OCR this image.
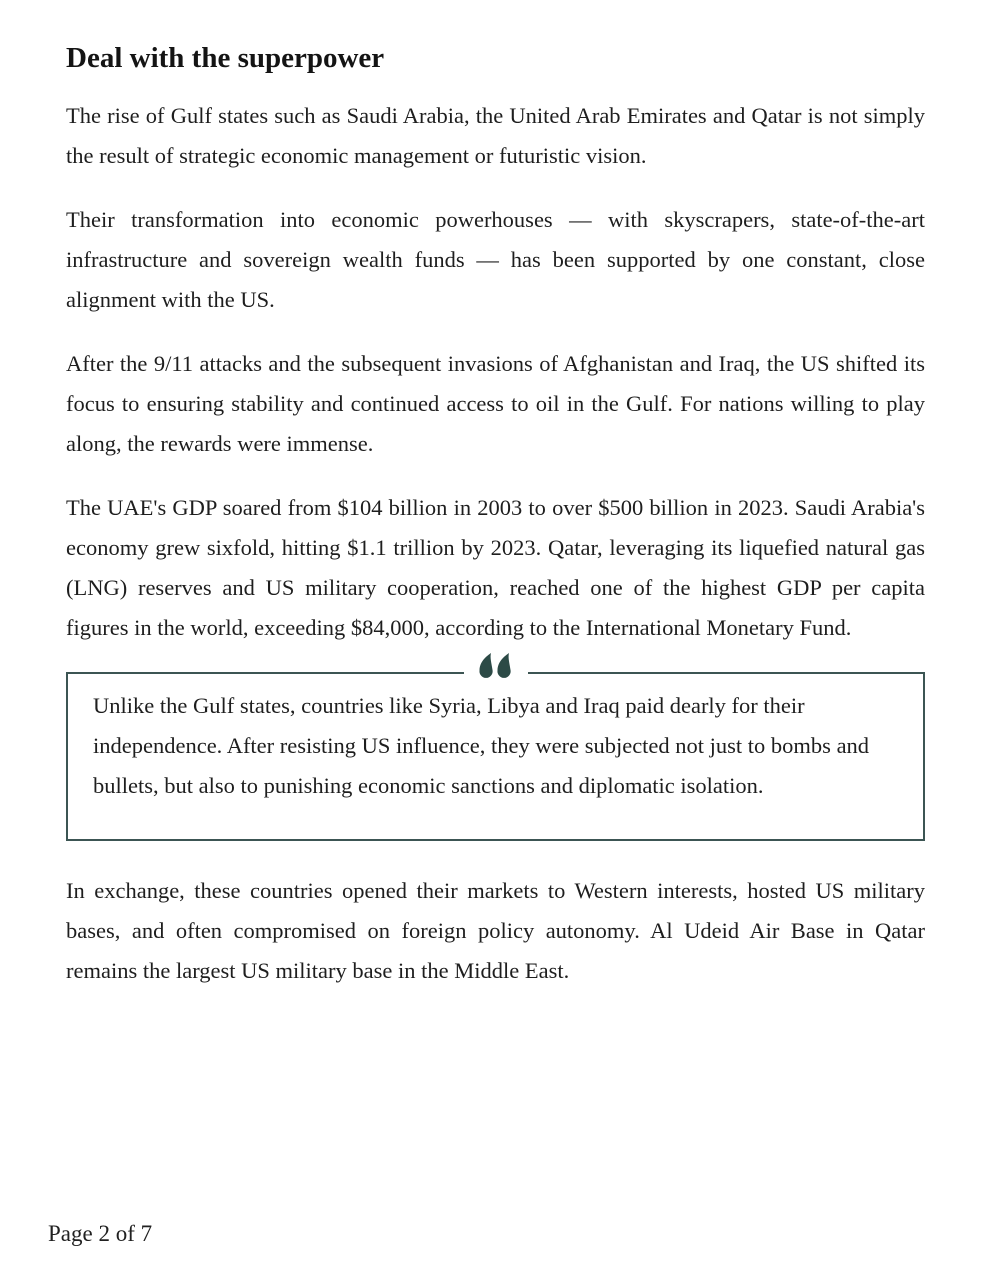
Deal with the superpower

The rise of Gulf states such as Saudi Arabia, the United Arab Emirates and Qatar is not simply the result of strategic economic management or futuristic vision.

Their transformation into economic powerhouses — with skyscrapers, state-of-the-art infrastructure and sovereign wealth funds — has been supported by one constant, close alignment with the US.

After the 9/11 attacks and the subsequent invasions of Afghanistan and Iraq, the US shifted its focus to ensuring stability and continued access to oil in the Gulf. For nations willing to play along, the rewards were immense.

The UAE's GDP soared from $104 billion in 2003 to over $500 billion in 2023. Saudi Arabia's economy grew sixfold, hitting $1.1 trillion by 2023. Qatar, leveraging its liquefied natural gas (LNG) reserves and US military cooperation, reached one of the highest GDP per capita figures in the world, exceeding $84,000, according to the International Monetary Fund.

Unlike the Gulf states, countries like Syria, Libya and Iraq paid dearly for their independence. After resisting US influence, they were subjected not just to bombs and bullets, but also to punishing economic sanctions and diplomatic isolation.

In exchange, these countries opened their markets to Western interests, hosted US military bases, and often compromised on foreign policy autonomy. Al Udeid Air Base in Qatar remains the largest US military base in the Middle East.

Page 2 of 7
